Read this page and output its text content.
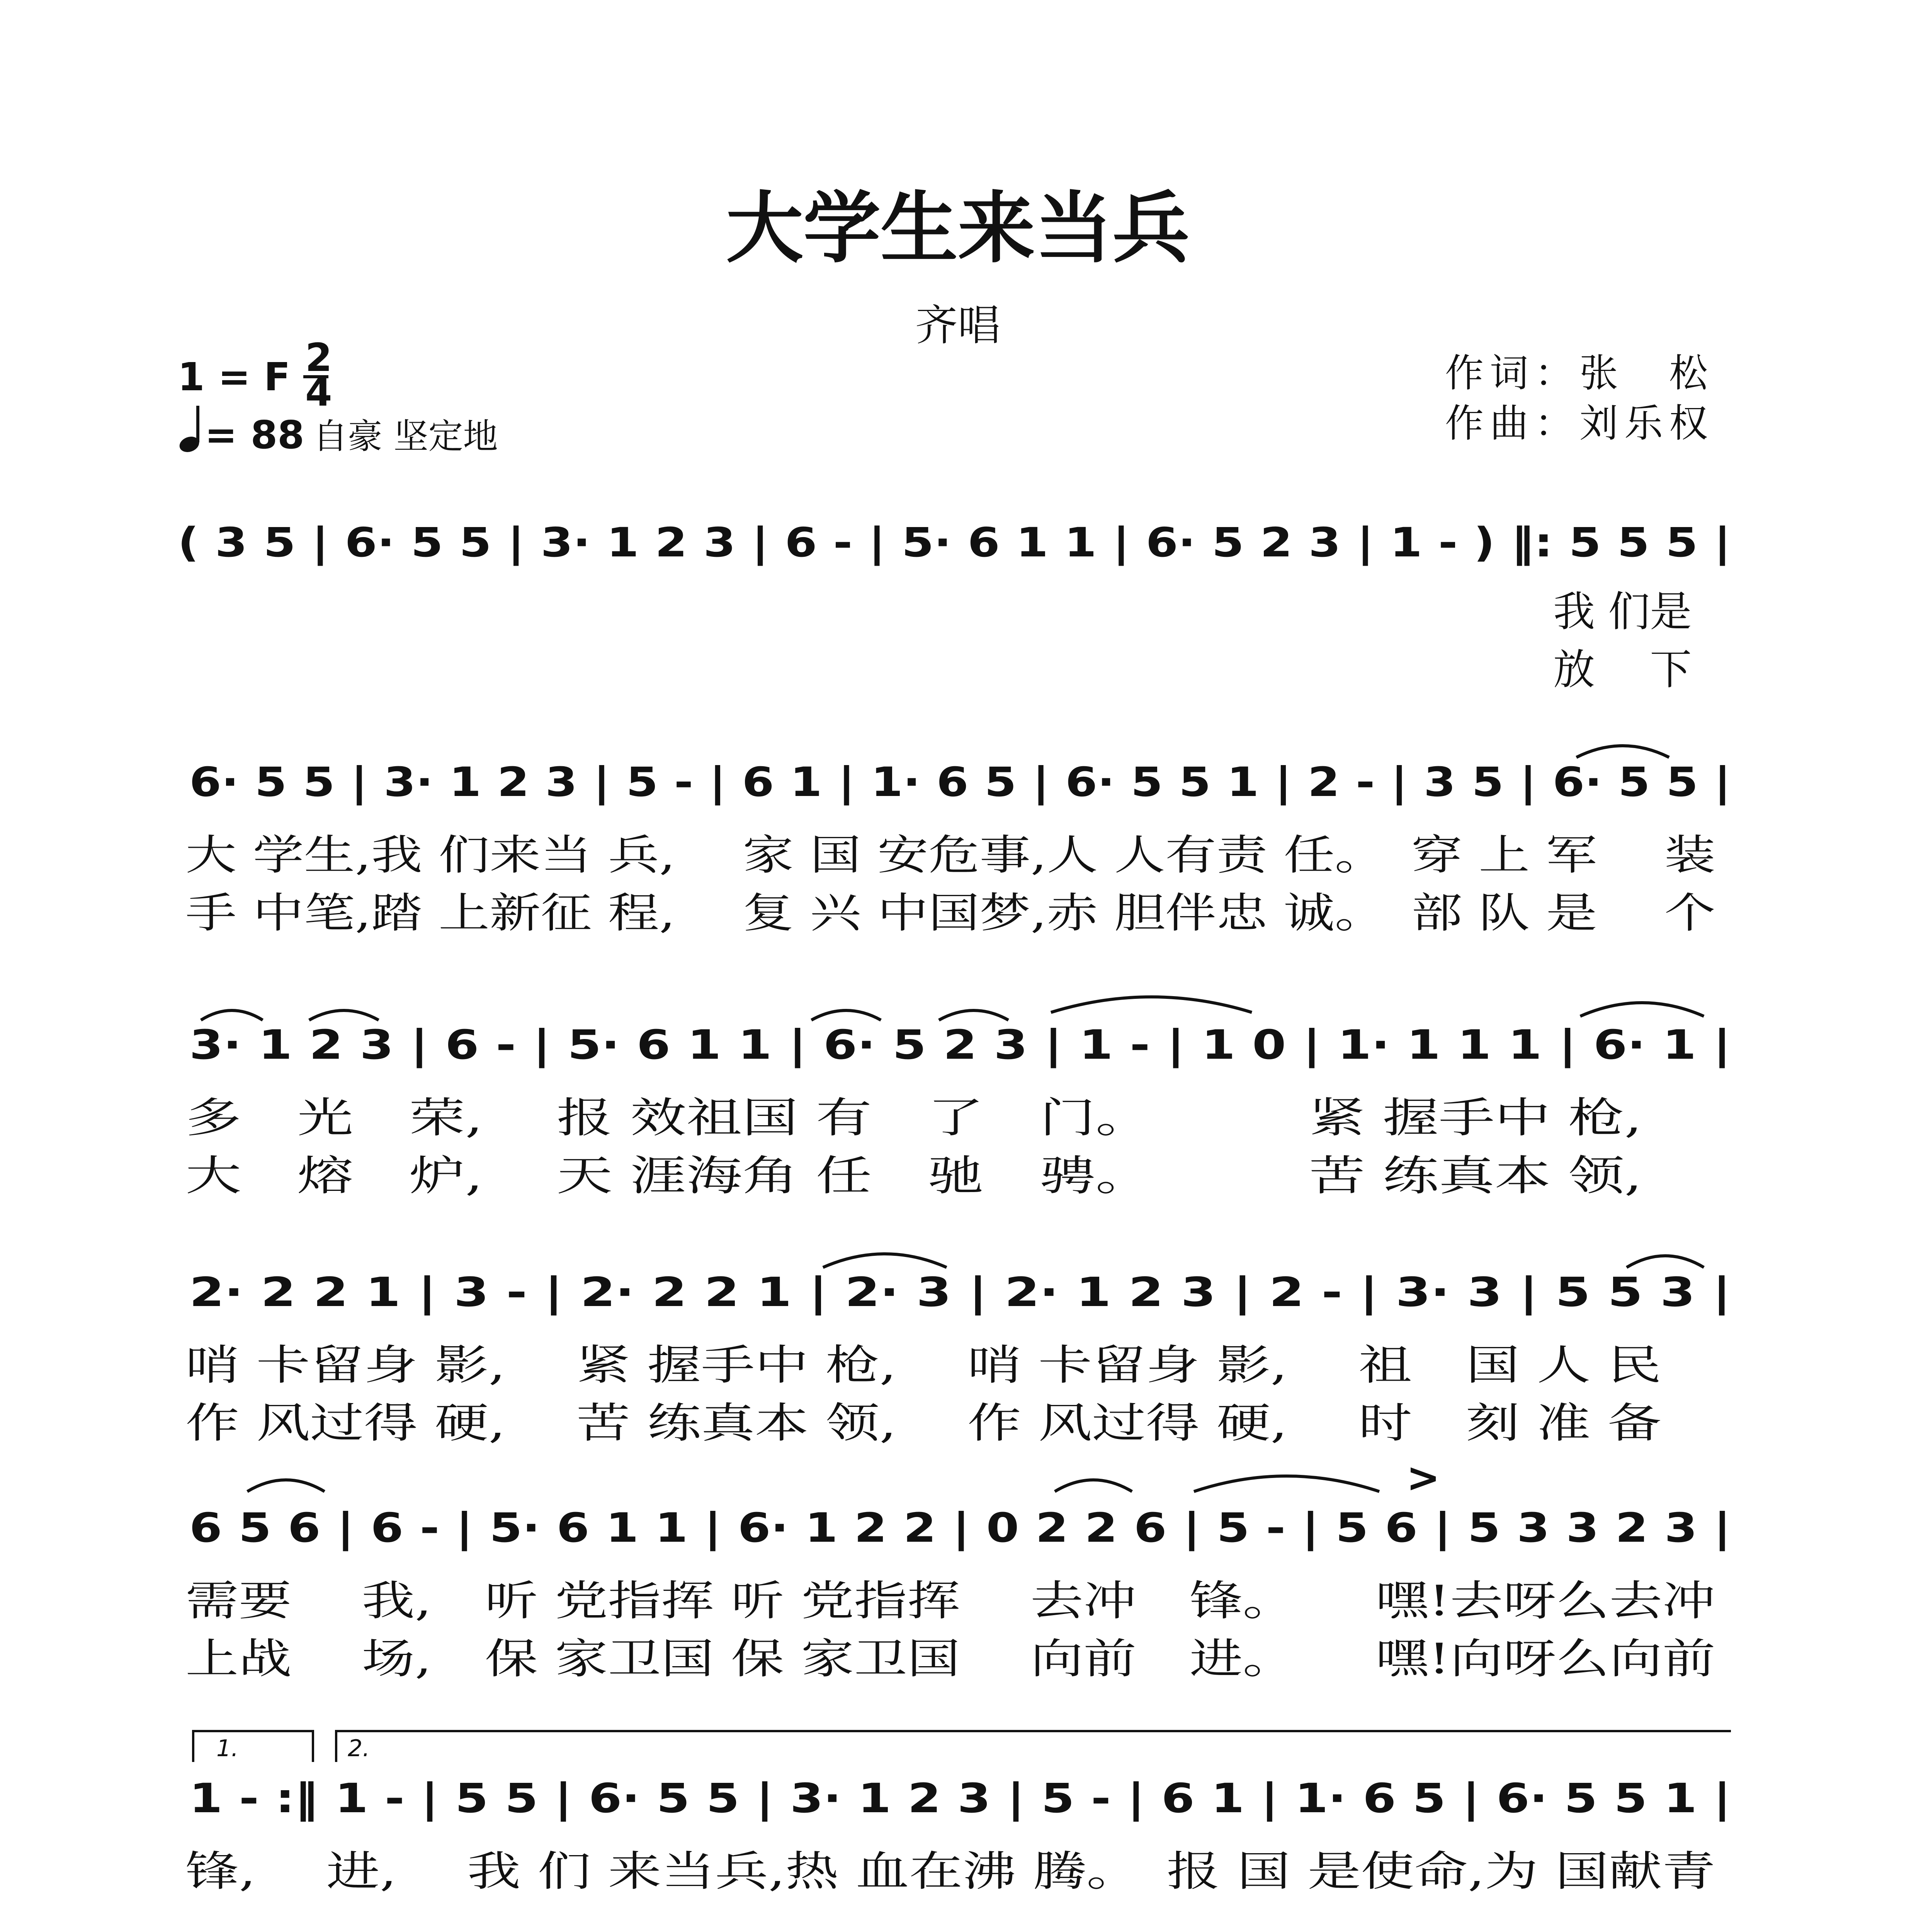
大学生来当兵
齐唱
1 = F 2
4
= 88 自豪 坚定地
作词：张　松
作曲：刘乐权
( 3 5 | 6· 5 5 | 3· 1 2 3 | 6 - | 5· 6 1 1 | 6· 5 2 3 | 1 - ) ‖: 5 5 5 |
我 们是
放　 下
6· 5 5 | 3· 1 2 3 | 5 - | 6 1 | 1· 6 5 | 6· 5 5 1 | 2 - | 3 5 | 6· 5 5 |
大 学生,我 们来当 兵,　 家 国 安危事,人 人有责 任。　穿 上 军　 装
手 中笔,踏 上新征 程,　 复 兴 中国梦,赤 胆伴忠 诚。　部 队 是　 个
3· 1 2 3 | 6 - | 5· 6 1 1 | 6· 5 2 3 | 1 - | 1 0 | 1· 1 1 1 | 6· 1 |
多　光　荣,　 报 效祖国 有　了　门。　　　 紧 握手中 枪,
大　熔　炉,　 天 涯海角 任　驰　骋。　　　 苦 练真本 领,
2· 2 2 1 | 3 - | 2· 2 2 1 | 2· 3 | 2· 1 2 3 | 2 - | 3· 3 | 5 5 3 |
哨 卡留身 影,　 紧 握手中 枪,　 哨 卡留身 影,　 祖　国 人 民
作 风过得 硬,　 苦 练真本 领,　 作 风过得 硬,　 时　刻 准 备
>
6 5 6 | 6 - | 5· 6 1 1 | 6· 1 2 2 | 0 2 2 6 | 5 - | 5 6 | 5 3 3 2 3 |
需要　 我,　听 党指挥 听 党指挥　 去冲　锋。　　嘿!去呀么去冲
上战　 场,　保 家卫国 保 家卫国　 向前　进。　　嘿!向呀么向前
1.	2.
1 - :‖ 1 - | 5 5 | 6· 5 5 | 3· 1 2 3 | 5 - | 6 1 | 1· 6 5 | 6· 5 5 1 |
锋,　 进,　 我 们 来当兵,热 血在沸 腾。　报 国 是使命,为 国献青
